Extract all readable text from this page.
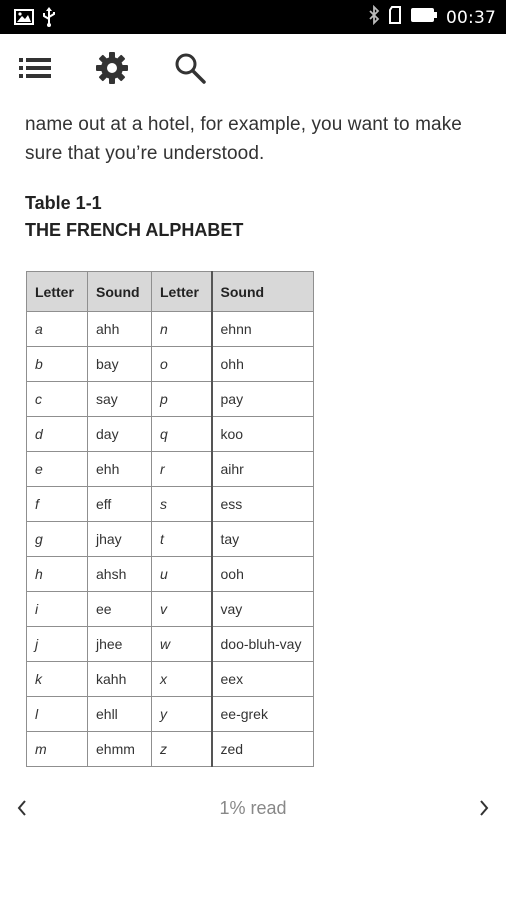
00:37

name out at a hotel, for example, you want to make sure that you’re understood.

Table 1-1
THE FRENCH ALPHABET
Letter	Sound	Letter	Sound
a	ahh	n	ehnn
b	bay	o	ohh
c	say	p	pay
d	day	q	koo
e	ehh	r	aihr
f	eff	s	ess
g	jhay	t	tay
h	ahsh	u	ooh
i	ee	v	vay
j	jhee	w	doo-bluh-vay
k	kahh	x	eex
l	ehll	y	ee-grek
m	ehmm	z	zed
1% read
